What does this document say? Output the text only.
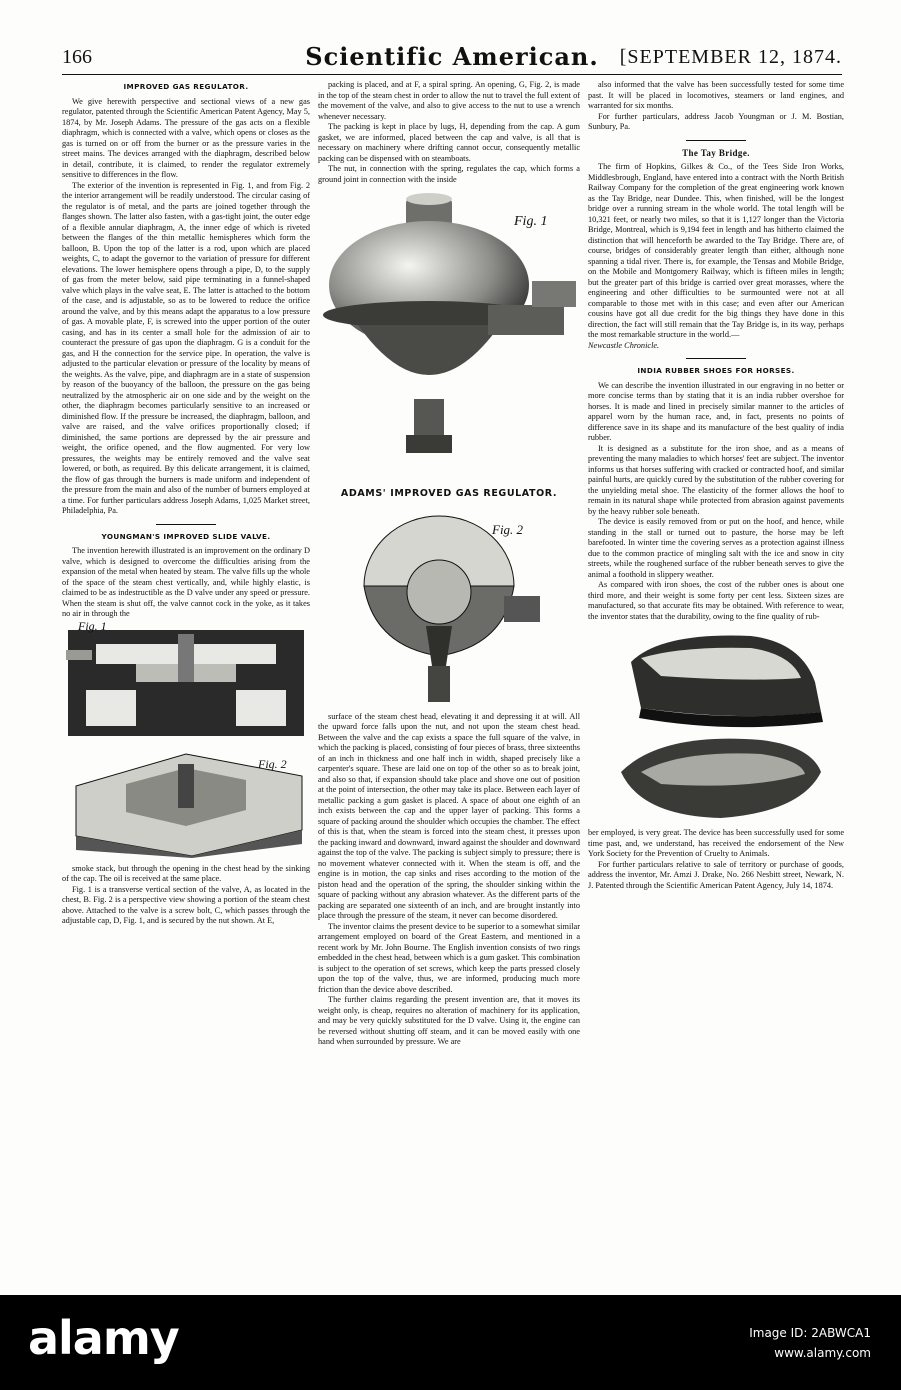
166	Scientific American.	[SEPTEMBER 12, 1874.
IMPROVED GAS REGULATOR.

We give herewith perspective and sectional views of a new gas regulator, patented through the Scientific American Patent Agency, May 5, 1874, by Mr. Joseph Adams. The pressure of the gas acts on a flexible diaphragm, which is connected with a valve, which opens or closes as the gas is turned on or off from the burner or as the pressure varies in the street mains. The devices arranged with the diaphragm, described below in detail, contribute, it is claimed, to render the regulator extremely sensitive to differences in the flow.

The exterior of the invention is represented in Fig. 1, and from Fig. 2 the interior arrangement will be readily understood. The circular casing of the regulator is of metal, and the parts are joined together through the flanges shown. The latter also fasten, with a gas-tight joint, the outer edge of a flexible annular diaphragm, A, the inner edge of which is riveted between the flanges of the thin metallic hemispheres which form the balloon, B. Upon the top of the latter is a rod, upon which are placed weights, C, to adapt the governor to the variation of pressure for different elevations. The lower hemisphere opens through a pipe, D, to the supply of gas from the meter below, said pipe terminating in a funnel-shaped valve which plays in the valve seat, E. The latter is attached to the bottom of the case, and is adjustable, so as to be lowered to reduce the orifice around the valve, and by this means adapt the apparatus to a low pressure of gas. A movable plate, F, is screwed into the upper portion of the outer casing, and has in its center a small hole for the admission of air to counteract the pressure of gas upon the diaphragm. G is a conduit for the gas, and H the connection for the service pipe. In operation, the valve is adjusted to the particular elevation or pressure of the locality by means of the weights. As the valve, pipe, and diaphragm are in a state of suspension by reason of the buoyancy of the balloon, the pressure on the gas being neutralized by the atmospheric air on one side and by the weight on the other, the diaphragm becomes particularly sensitive to an increased or diminished flow. If the pressure be increased, the diaphragm, balloon, and valve are raised, and the valve orifices proportionally closed; if diminished, the same portions are depressed by the air pressure and weight, the orifice opened, and the flow augmented. For very low pressures, the weights may be entirely removed and the valve seat lowered, or both, as required. By this delicate arrangement, it is claimed, the flow of gas through the burners is made uniform and independent of the pressure from the main and also of the number of burners employed at a time. For further particulars address Joseph Adams, 1,025 Market street, Philadelphia, Pa.

YOUNGMAN'S IMPROVED SLIDE VALVE.

The invention herewith illustrated is an improvement on the ordinary D valve, which is designed to overcome the difficulties arising from the expansion of the metal when heated by steam. The valve fills up the whole of the space of the steam chest vertically, and, while highly elastic, is claimed to be as indestructible as the D valve under any speed or pressure. When the steam is shut off, the valve cannot cock in the yoke, as it takes no air in through the

Fig. 1
Fig. 2

smoke stack, but through the opening in the chest head by the sinking of the cap. The oil is received at the same place.

Fig. 1 is a transverse vertical section of the valve, A, as located in the chest, B. Fig. 2 is a perspective view showing a portion of the steam chest above. Attached to the valve is a screw bolt, C, which passes through the adjustable cap, D, Fig. 1, and is secured by the nut shown. At E,

packing is placed, and at F, a spiral spring. An opening, G, Fig. 2, is made in the top of the steam chest in order to allow the nut to travel the full extent of the movement of the valve, and also to give access to the nut to use a wrench whenever necessary.

The packing is kept in place by lugs, H, depending from the cap. A gum gasket, we are informed, placed between the cap and valve, is all that is necessary on machinery where drifting cannot occur, consequently metallic packing can be dispensed with on steamboats.

The nut, in connection with the spring, regulates the cap, which forms a ground joint in connection with the inside

Fig. 1
ADAMS' IMPROVED GAS REGULATOR.
Fig. 2

surface of the steam chest head, elevating it and depressing it at will. All the upward force falls upon the nut, and not upon the steam chest head. Between the valve and the cap exists a space the full square of the valve, in which the packing is placed, consisting of four pieces of brass, three sixteenths of an inch in thickness and one half inch in width, shaped precisely like a carpenter's square. These are laid one on top of the other so as to break joint, and also so that, if expansion should take place and shove one out of position at the point of intersection, the other may take its place. Between each layer of metallic packing a gum gasket is placed. A space of about one eighth of an inch exists between the cap and the upper layer of packing. This forms a square of packing around the shoulder which occupies the chamber. The effect of this is that, when the steam is forced into the steam chest, it presses upon the packing inward and downward, inward against the shoulder and downward against the top of the valve. The packing is subject simply to pressure; there is no movement whatever connected with it. When the steam is off, and the engine is in motion, the cap sinks and rises according to the motion of the piston head and the operation of the spring, the shoulder sinking within the square of packing without any abrasion whatever. As the different parts of the packing are separated one sixteenth of an inch, and are brought instantly into place through the pressure of the steam, it never can become disordered.

The inventor claims the present device to be superior to a somewhat similar arrangement employed on board of the Great Eastern, and mentioned in a recent work by Mr. John Bourne. The English invention consists of two rings embedded in the chest head, between which is a gum gasket. This combination is subject to the operation of set screws, which keep the parts pressed closely upon the top of the valve, thus, we are informed, producing much more friction than the device above described.

The further claims regarding the present invention are, that it moves its weight only, is cheap, requires no alteration of machinery for its application, and may be very quickly substituted for the D valve. Using it, the engine can be reversed without shutting off steam, and it can be moved easily with one hand when surrounded by pressure. We are

also informed that the valve has been successfully tested for some time past. It will be placed in locomotives, steamers or land engines, and warranted for six months.

For further particulars, address Jacob Youngman or J. M. Bostian, Sunbury, Pa.

The Tay Bridge.

The firm of Hopkins, Gilkes & Co., of the Tees Side Iron Works, Middlesbrough, England, have entered into a contract with the North British Railway Company for the completion of the great engineering work known as the Tay Bridge, near Dundee. This, when finished, will be the longest bridge over a running stream in the whole world. The total length will be 10,321 feet, or nearly two miles, so that it is 1,127 longer than the Victoria Bridge, Montreal, which is 9,194 feet in length and has hitherto claimed the distinction that will henceforth be awarded to the Tay Bridge. There are, of course, bridges of considerably greater length than either, although none spanning a tidal river. There is, for example, the Tensas and Mobile Bridge, on the Mobile and Montgomery Railway, which is fifteen miles in length; but the greater part of this bridge is carried over great morasses, where the engineering and other difficulties to be surmounted were not at all comparable to those met with in this case; and even after our American cousins have got all due credit for the big things they have done in this direction, the fact will still remain that the Tay Bridge is, in its way, perhaps the most remarkable structure in the world.—

Newcastle Chronicle.
INDIA RUBBER SHOES FOR HORSES.

We can describe the invention illustrated in our engraving in no better or more concise terms than by stating that it is an india rubber overshoe for horses. It is made and lined in precisely similar manner to the articles of apparel worn by the human race, and, in fact, presents no points of difference save in its shape and its manufacture of the best quality of india rubber.

It is designed as a substitute for the iron shoe, and as a means of preventing the many maladies to which horses' feet are subject. The inventor informs us that horses suffering with cracked or contracted hoof, and similar painful hurts, are quickly cured by the substitution of the rubber covering for the unyielding metal shoe. The elasticity of the former allows the hoof to remain in its natural shape while protected from abrasion against pavements by the heavy rubber sole beneath.

The device is easily removed from or put on the hoof, and hence, while standing in the stall or turned out to pasture, the horse may be left barefooted. In winter time the covering serves as a protection against illness due to the common practice of mingling salt with the ice and snow in city streets, while the roughened surface of the rubber beneath serves to give the animal a foothold in slippery weather.

As compared with iron shoes, the cost of the rubber ones is about one third more, and their weight is some forty per cent less. Sixteen sizes are manufactured, so that accurate fits may be obtained. With reference to wear, the inventor states that the durability, owing to the fine quality of rub-

ber employed, is very great. The device has been successfully used for some time past, and, we understand, has received the endorsement of the New York Society for the Prevention of Cruelty to Animals.

For further particulars relative to sale of territory or purchase of goods, address the inventor, Mr. Amzi J. Drake, No. 266 Nesbitt street, Newark, N. J. Patented through the Scientific American Patent Agency, July 14, 1874.

alamy	Image ID: 2ABWCA1
www.alamy.com
